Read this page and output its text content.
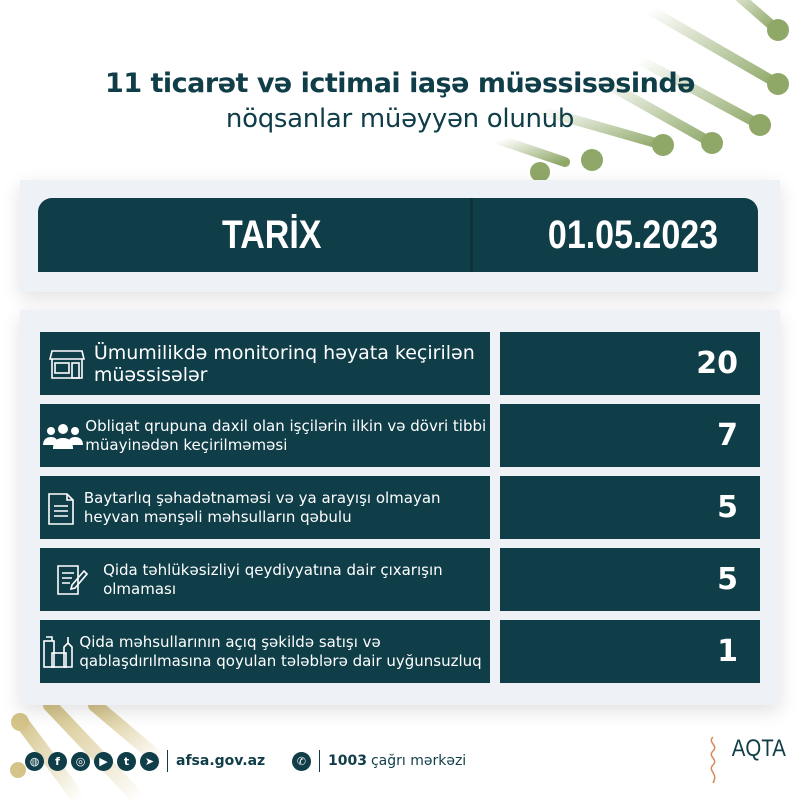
11 ticarət və ictimai iaşə müəssisəsində
nöqsanlar müəyyən olunub
TARİX	01.05.2023
Ümumilikdə monitorinq həyata keçirilən müəssisələr	20
Obliqat qrupuna daxil olan işçilərin ilkin və dövri tibbi müayinədən keçirilməməsi	7
Baytarlıq şəhadətnaməsi və ya arayışı olmayan heyvan mənşəli məhsulların qəbulu	5
Qida təhlükəsizliyi qeydiyyatına dair çıxarışın olmaması	5
Qida məhsullarının açıq şəkildə satışı və qablaşdırılmasına qoyulan tələblərə dair uyğunsuzluq	1
◍	f	◎	▶	t	➤	afsa.gov.az	✆	1003 çağrı mərkəzi	AQTA
